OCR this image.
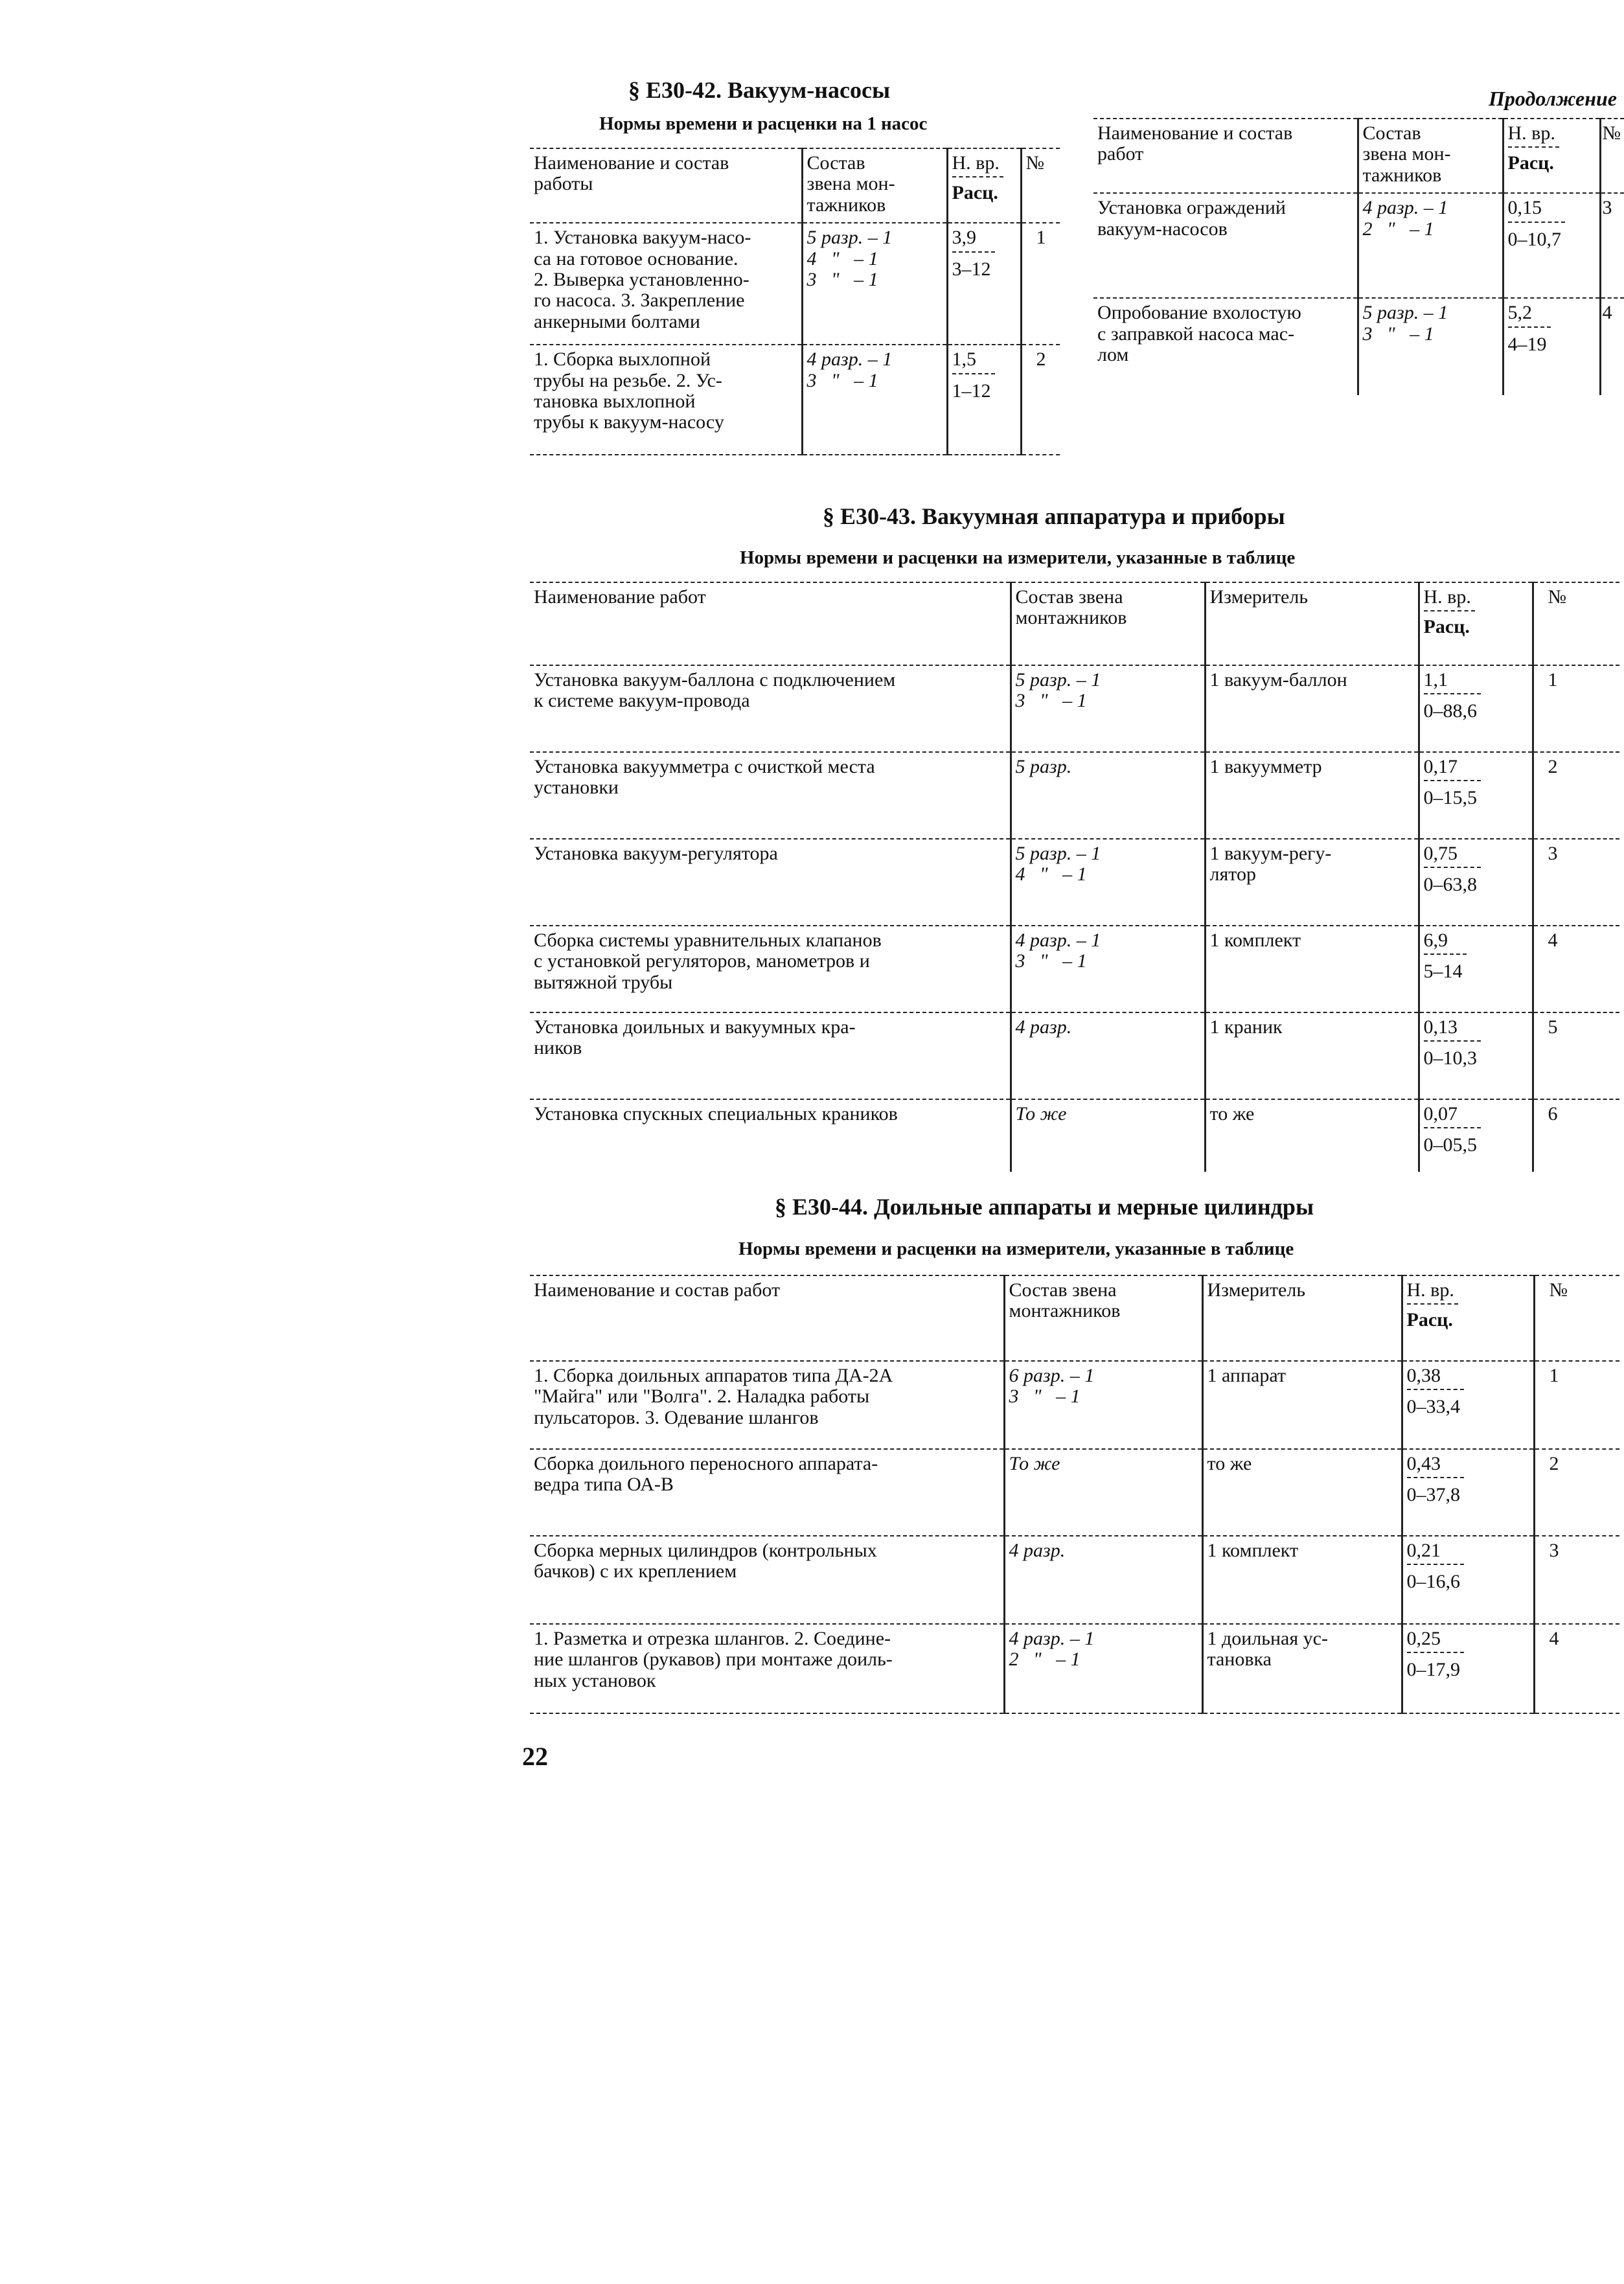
§ Е30-42. Вакуум-насосы
Нормы времени и расценки на 1 насос
Продолжение
Наименование и состав
работы	Состав
звена мон-
тажников	Н. вр.
Расц.	№
1. Установка вакуум-насо-
са на готовое основание.
2. Выверка установленно-
го насоса. 3. Закрепление
анкерными болтами	5 разр. – 1
4   "   – 1
3   "   – 1	$\frac{3,9}{3-12}$	1
1. Сборка выхлопной
трубы на резьбе. 2. Ус-
тановка выхлопной
трубы к вакуум-насосу	4 разр. – 1
3   "   – 1	$\frac{1,5}{1-12}$	2
Наименование и состав
работ	Состав
звена мон-
тажников	Н. вр.
Расц.	№
Установка ограждений
вакуум-насосов	4 разр. – 1
2   "   – 1	$\frac{0,15}{0-10,7}$	3
Опробование вхолостую
с заправкой насоса мас-
лом	5 разр. – 1
3   "   – 1	$\frac{5,2}{4-19}$	4
§ Е30-43. Вакуумная аппаратура и приборы
Нормы времени и расценки на измерители, указанные в таблице
Наименование работ	Состав звена
монтажников	Измеритель	Н. вр.
Расц.	№
Установка вакуум-баллона с подключением
к системе вакуум-провода	5 разр. – 1
3   "   – 1	1 вакуум-баллон	$\frac{1,1}{0-88,6}$	1
Установка вакуумметра с очисткой места
установки	5 разр.	1 вакуумметр	$\frac{0,17}{0-15,5}$	2
Установка вакуум-регулятора	5 разр. – 1
4   "   – 1	1 вакуум-регу-
лятор	$\frac{0,75}{0-63,8}$	3
Сборка системы уравнительных клапанов
с установкой регуляторов, манометров и
вытяжной трубы	4 разр. – 1
3   "   – 1	1 комплект	$\frac{6,9}{5-14}$	4
Установка доильных и вакуумных кра-
ников	4 разр.	1 краник	$\frac{0,13}{0-10,3}$	5
Установка спускных специальных краников	То же	то же	$\frac{0,07}{0-05,5}$	6
§ Е30-44. Доильные аппараты и мерные цилиндры
Нормы времени и расценки на измерители, указанные в таблице
Наименование и состав работ	Состав звена
монтажников	Измеритель	Н. вр.
Расц.	№
1. Сборка доильных аппаратов типа ДА-2А
"Майга" или "Волга". 2. Наладка работы
пульсаторов. 3. Одевание шлангов	6 разр. – 1
3   "   – 1	1 аппарат	$\frac{0,38}{0-33,4}$	1
Сборка доильного переносного аппарата-
ведра типа ОА-В	То же	то же	$\frac{0,43}{0-37,8}$	2
Сборка мерных цилиндров (контрольных
бачков) с их креплением	4 разр.	1 комплект	$\frac{0,21}{0-16,6}$	3
1. Разметка и отрезка шлангов. 2. Соедине-
ние шлангов (рукавов) при монтаже доиль-
ных установок	4 разр. – 1
2   "   – 1	1 доильная ус-
тановка	$\frac{0,25}{0-17,9}$	4
22
